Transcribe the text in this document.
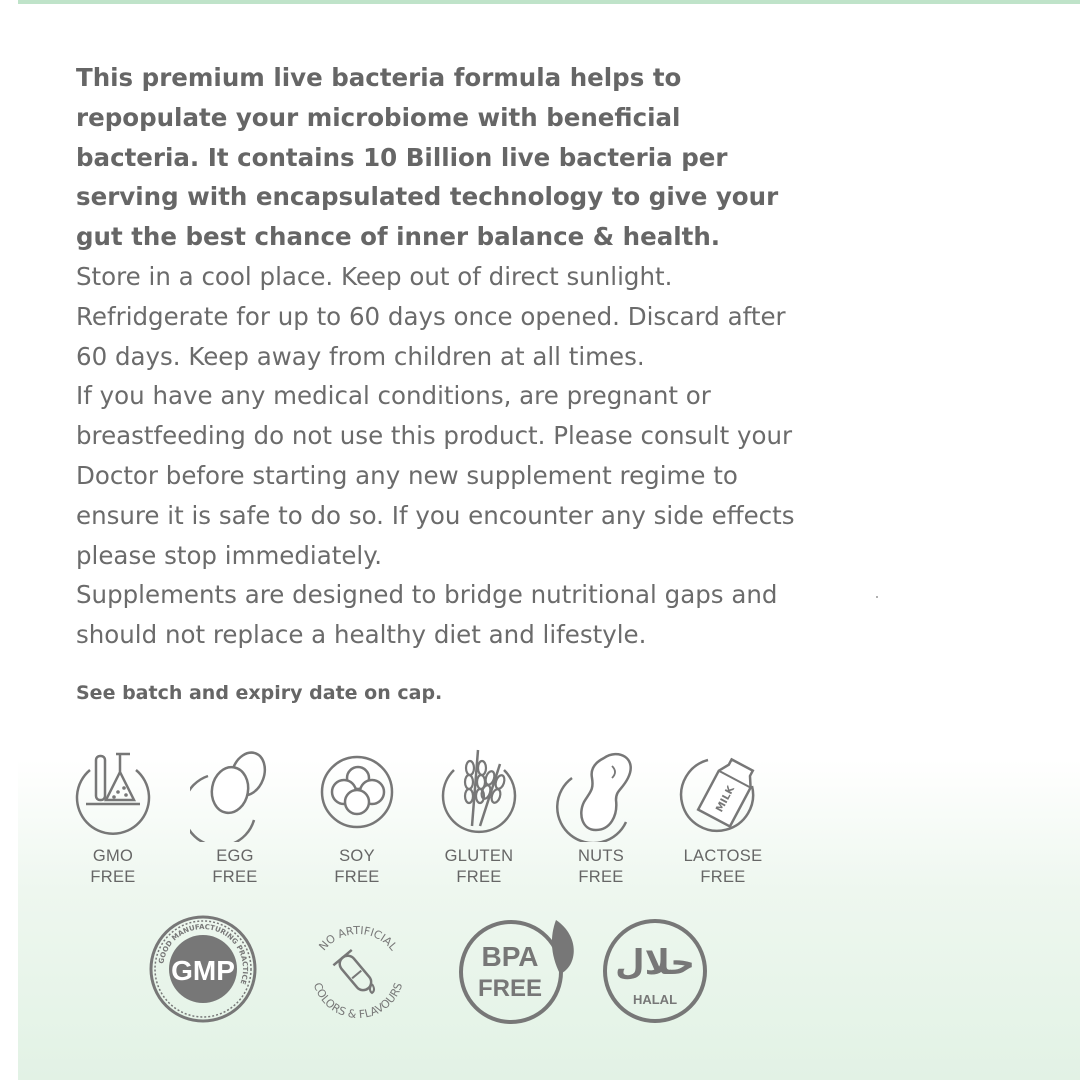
This premium live bacteria formula helps to repopulate your microbiome with beneficial bacteria. It contains 10 Billion live bacteria per serving with encapsulated technology to give your gut the best chance of inner balance & health.

Store in a cool place. Keep out of direct sunlight. Refridgerate for up to 60 days once opened. Discard after 60 days. Keep away from children at all times.

If you have any medical conditions, are pregnant or breastfeeding do not use this product. Please consult your Doctor before starting any new supplement regime to ensure it is safe to do so. If you encounter any side effects please stop immediately.

Supplements are designed to bridge nutritional gaps and should not replace a healthy diet and lifestyle.

See batch and expiry date on cap.
GMO
FREE
EGG
FREE
SOY
FREE
GLUTEN
FREE
NUTS
FREE
MILK
LACTOSE
FREE
GOOD MANUFACTURING PRACTICE
GMP
NO ARTIFICIAL
COLORS & FLAVOURS
BPA
FREE
حلال
HALAL
